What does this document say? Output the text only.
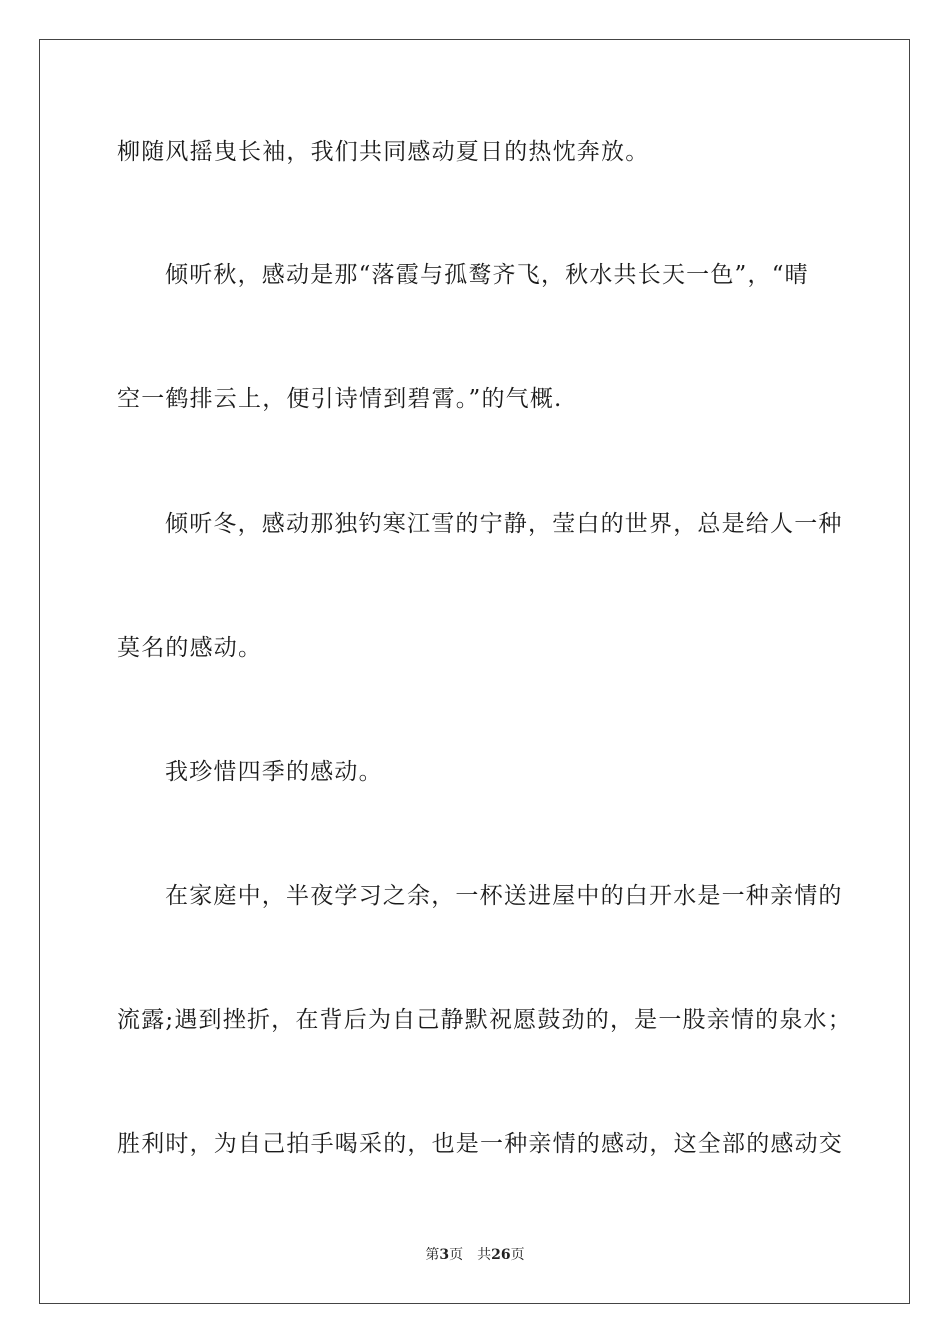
柳随风摇曳长袖，我们共同感动夏日的热忱奔放。
倾听秋，感动是那“落霞与孤鹜齐飞，秋水共长天一色”，“晴
空一鹤排云上，便引诗情到碧霄。”的气概.
倾听冬，感动那独钓寒江雪的宁静，莹白的世界，总是给人一种
莫名的感动。
我珍惜四季的感动。
在家庭中，半夜学习之余，一杯送进屋中的白开水是一种亲情的
流露;遇到挫折，在背后为自己静默祝愿鼓劲的，是一股亲情的泉水；
胜利时，为自己拍手喝采的，也是一种亲情的感动，这全部的感动交
第3页 共26页
